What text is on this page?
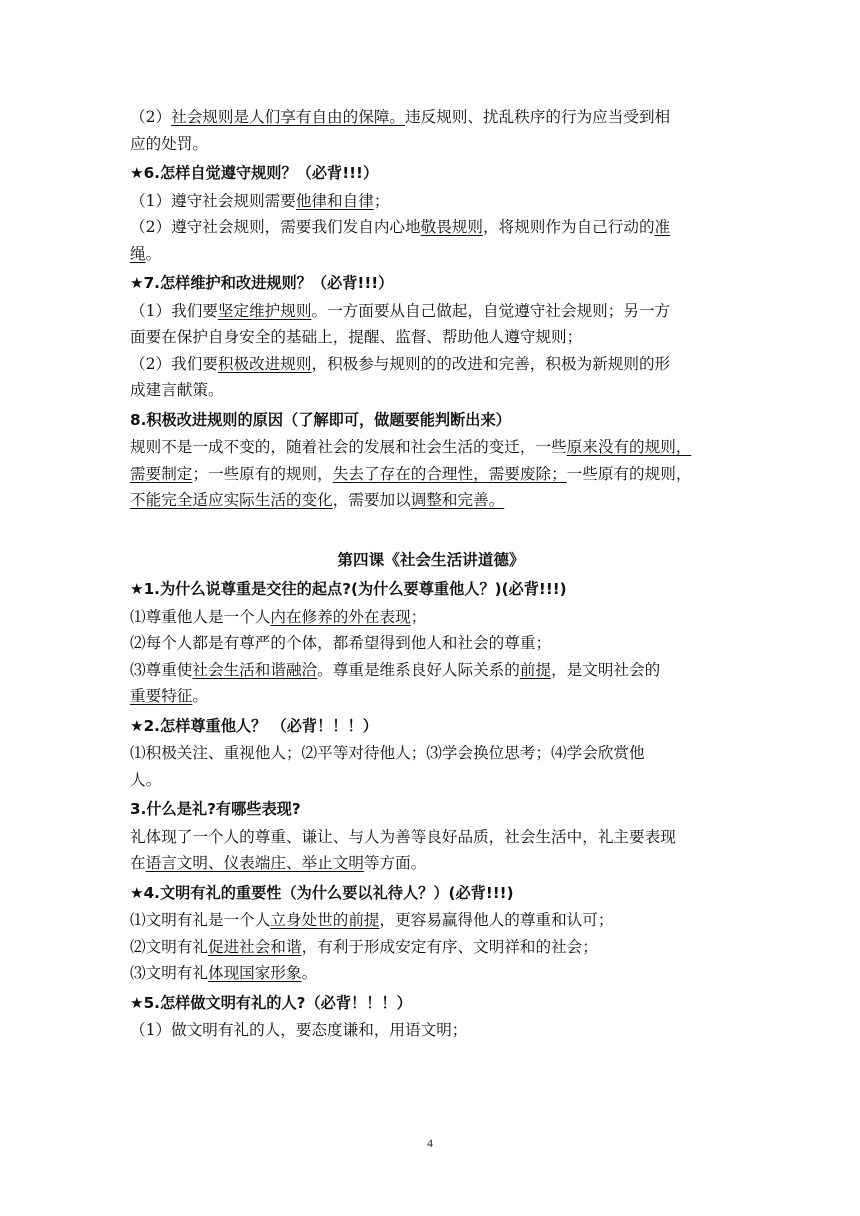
（2）社会规则是人们享有自由的保障。违反规则、扰乱秩序的行为应当受到相
应的处罚。
★6.怎样自觉遵守规则？（必背!!!）
（1）遵守社会规则需要他律和自律；
（2）遵守社会规则，需要我们发自内心地敬畏规则，将规则作为自己行动的准
绳。
★7.怎样维护和改进规则？（必背!!!）
（1）我们要坚定维护规则。一方面要从自己做起，自觉遵守社会规则；另一方
面要在保护自身安全的基础上，提醒、监督、帮助他人遵守规则；
（2）我们要积极改进规则，积极参与规则的的改进和完善，积极为新规则的形
成建言献策。
8.积极改进规则的原因（了解即可，做题要能判断出来）
规则不是一成不变的，随着社会的发展和社会生活的变迁，一些原来没有的规则，
需要制定；一些原有的规则，失去了存在的合理性，需要废除；一些原有的规则，
不能完全适应实际生活的变化，需要加以调整和完善。
第四课《社会生活讲道德》
★1.为什么说尊重是交往的起点?(为什么要尊重他人？)(必背!!!)
⑴尊重他人是一个人内在修养的外在表现；
⑵每个人都是有尊严的个体，都希望得到他人和社会的尊重；
⑶尊重使社会生活和谐融洽。尊重是维系良好人际关系的前提，是文明社会的
重要特征。
★2.怎样尊重他人？ （必背！！！）
⑴积极关注、重视他人；⑵平等对待他人；⑶学会换位思考；⑷学会欣赏他
人。
3.什么是礼?有哪些表现?
礼体现了一个人的尊重、谦让、与人为善等良好品质，社会生活中，礼主要表现
在语言文明、仪表端庄、举止文明等方面。
★4.文明有礼的重要性（为什么要以礼待人？）(必背!!!)
⑴文明有礼是一个人立身处世的前提，更容易赢得他人的尊重和认可；
⑵文明有礼促进社会和谐，有利于形成安定有序、文明祥和的社会；
⑶文明有礼体现国家形象。
★5.怎样做文明有礼的人?（必背！！！）
（1）做文明有礼的人，要态度谦和，用语文明；
4
